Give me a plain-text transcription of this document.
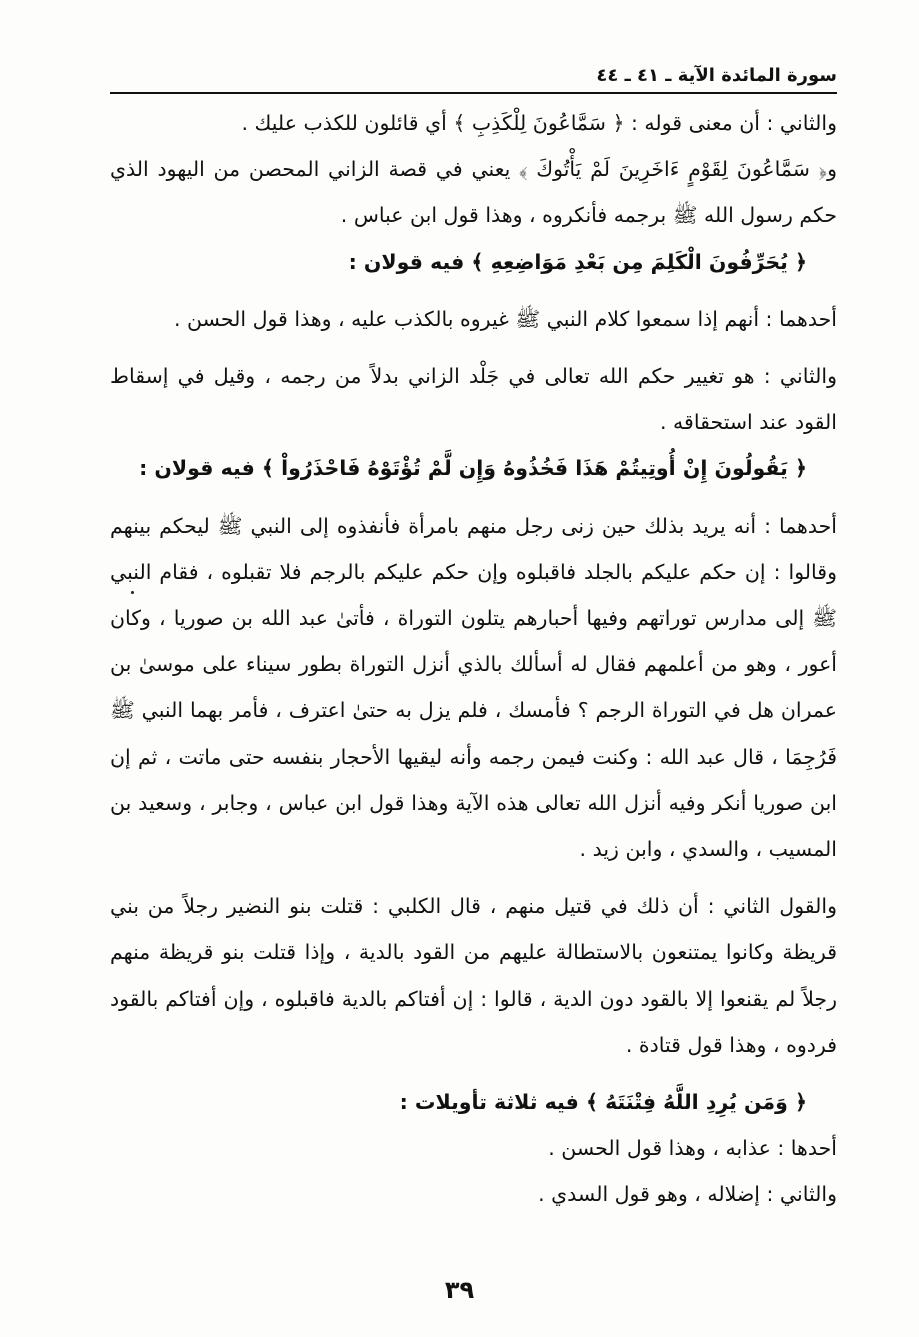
سورة المائدة الآية ـ ٤١ ـ ٤٤

والثاني : أن معنى قوله : ﴿ سَمَّاعُونَ لِلْكَذِبِ ﴾ أي قائلون للكذب عليك .

و﴿ سَمَّاعُونَ لِقَوْمٍ ءَاخَرِينَ لَمْ يَأْتُوكَ ﴾ يعني في قصة الزاني المحصن من اليهود الذي حكم رسول الله ﷺ برجمه فأنكروه ، وهذا قول ابن عباس .

﴿ يُحَرِّفُونَ الْكَلِمَ مِن بَعْدِ مَوَاضِعِهِ ﴾ فيه قولان :

أحدهما : أنهم إذا سمعوا كلام النبي ﷺ غيروه بالكذب عليه ، وهذا قول الحسن .

والثاني : هو تغيير حكم الله تعالى في جَلْد الزاني بدلاً من رجمه ، وقيل في إسقاط القود عند استحقاقه .

﴿ يَقُولُونَ إِنْ أُوتِيتُمْ هَذَا فَخُذُوهُ وَإِن لَّمْ تُؤْتَوْهُ فَاحْذَرُواْ ﴾ فيه قولان :

أحدهما : أنه يريد بذلك حين زنى رجل منهم بامرأة فأنفذوه إلى النبي ﷺ ليحكم بينهم وقالوا : إن حكم عليكم بالجلد فاقبلوه وإن حكم عليكم بالرجم فلا تقبلوه ، فقام النبي ﷺ إلى مدارس توراتهم وفيها أحبارهم يتلون التوراة ، فأتىٰ عبد الله بن صوريا ، وكان أعور ، وهو من أعلمهم فقال له أسألك بالذي أنزل التوراة بطور سيناء على موسىٰ بن عمران هل في التوراة الرجم ؟ فأمسك ، فلم يزل به حتىٰ اعترف ، فأمر بهما النبي ﷺ فَرُجِمَا ، قال عبد الله : وكنت فيمن رجمه وأنه ليقيها الأحجار بنفسه حتى ماتت ، ثم إن ابن صوريا أنكر وفيه أنزل الله تعالى هذه الآية وهذا قول ابن عباس ، وجابر ، وسعيد بن المسيب ، والسدي ، وابن زيد .

والقول الثاني : أن ذلك في قتيل منهم ، قال الكلبي : قتلت بنو النضير رجلاً من بني قريظة وكانوا يمتنعون بالاستطالة عليهم من القود بالدية ، وإذا قتلت بنو قريظة منهم رجلاً لم يقنعوا إلا بالقود دون الدية ، قالوا : إن أفتاكم بالدية فاقبلوه ، وإن أفتاكم بالقود فردوه ، وهذا قول قتادة .

﴿ وَمَن يُرِدِ اللَّهُ فِتْنَتَهُ ﴾ فيه ثلاثة تأويلات :

أحدها : عذابه ، وهذا قول الحسن .

والثاني : إضلاله ، وهو قول السدي .

٣٩
